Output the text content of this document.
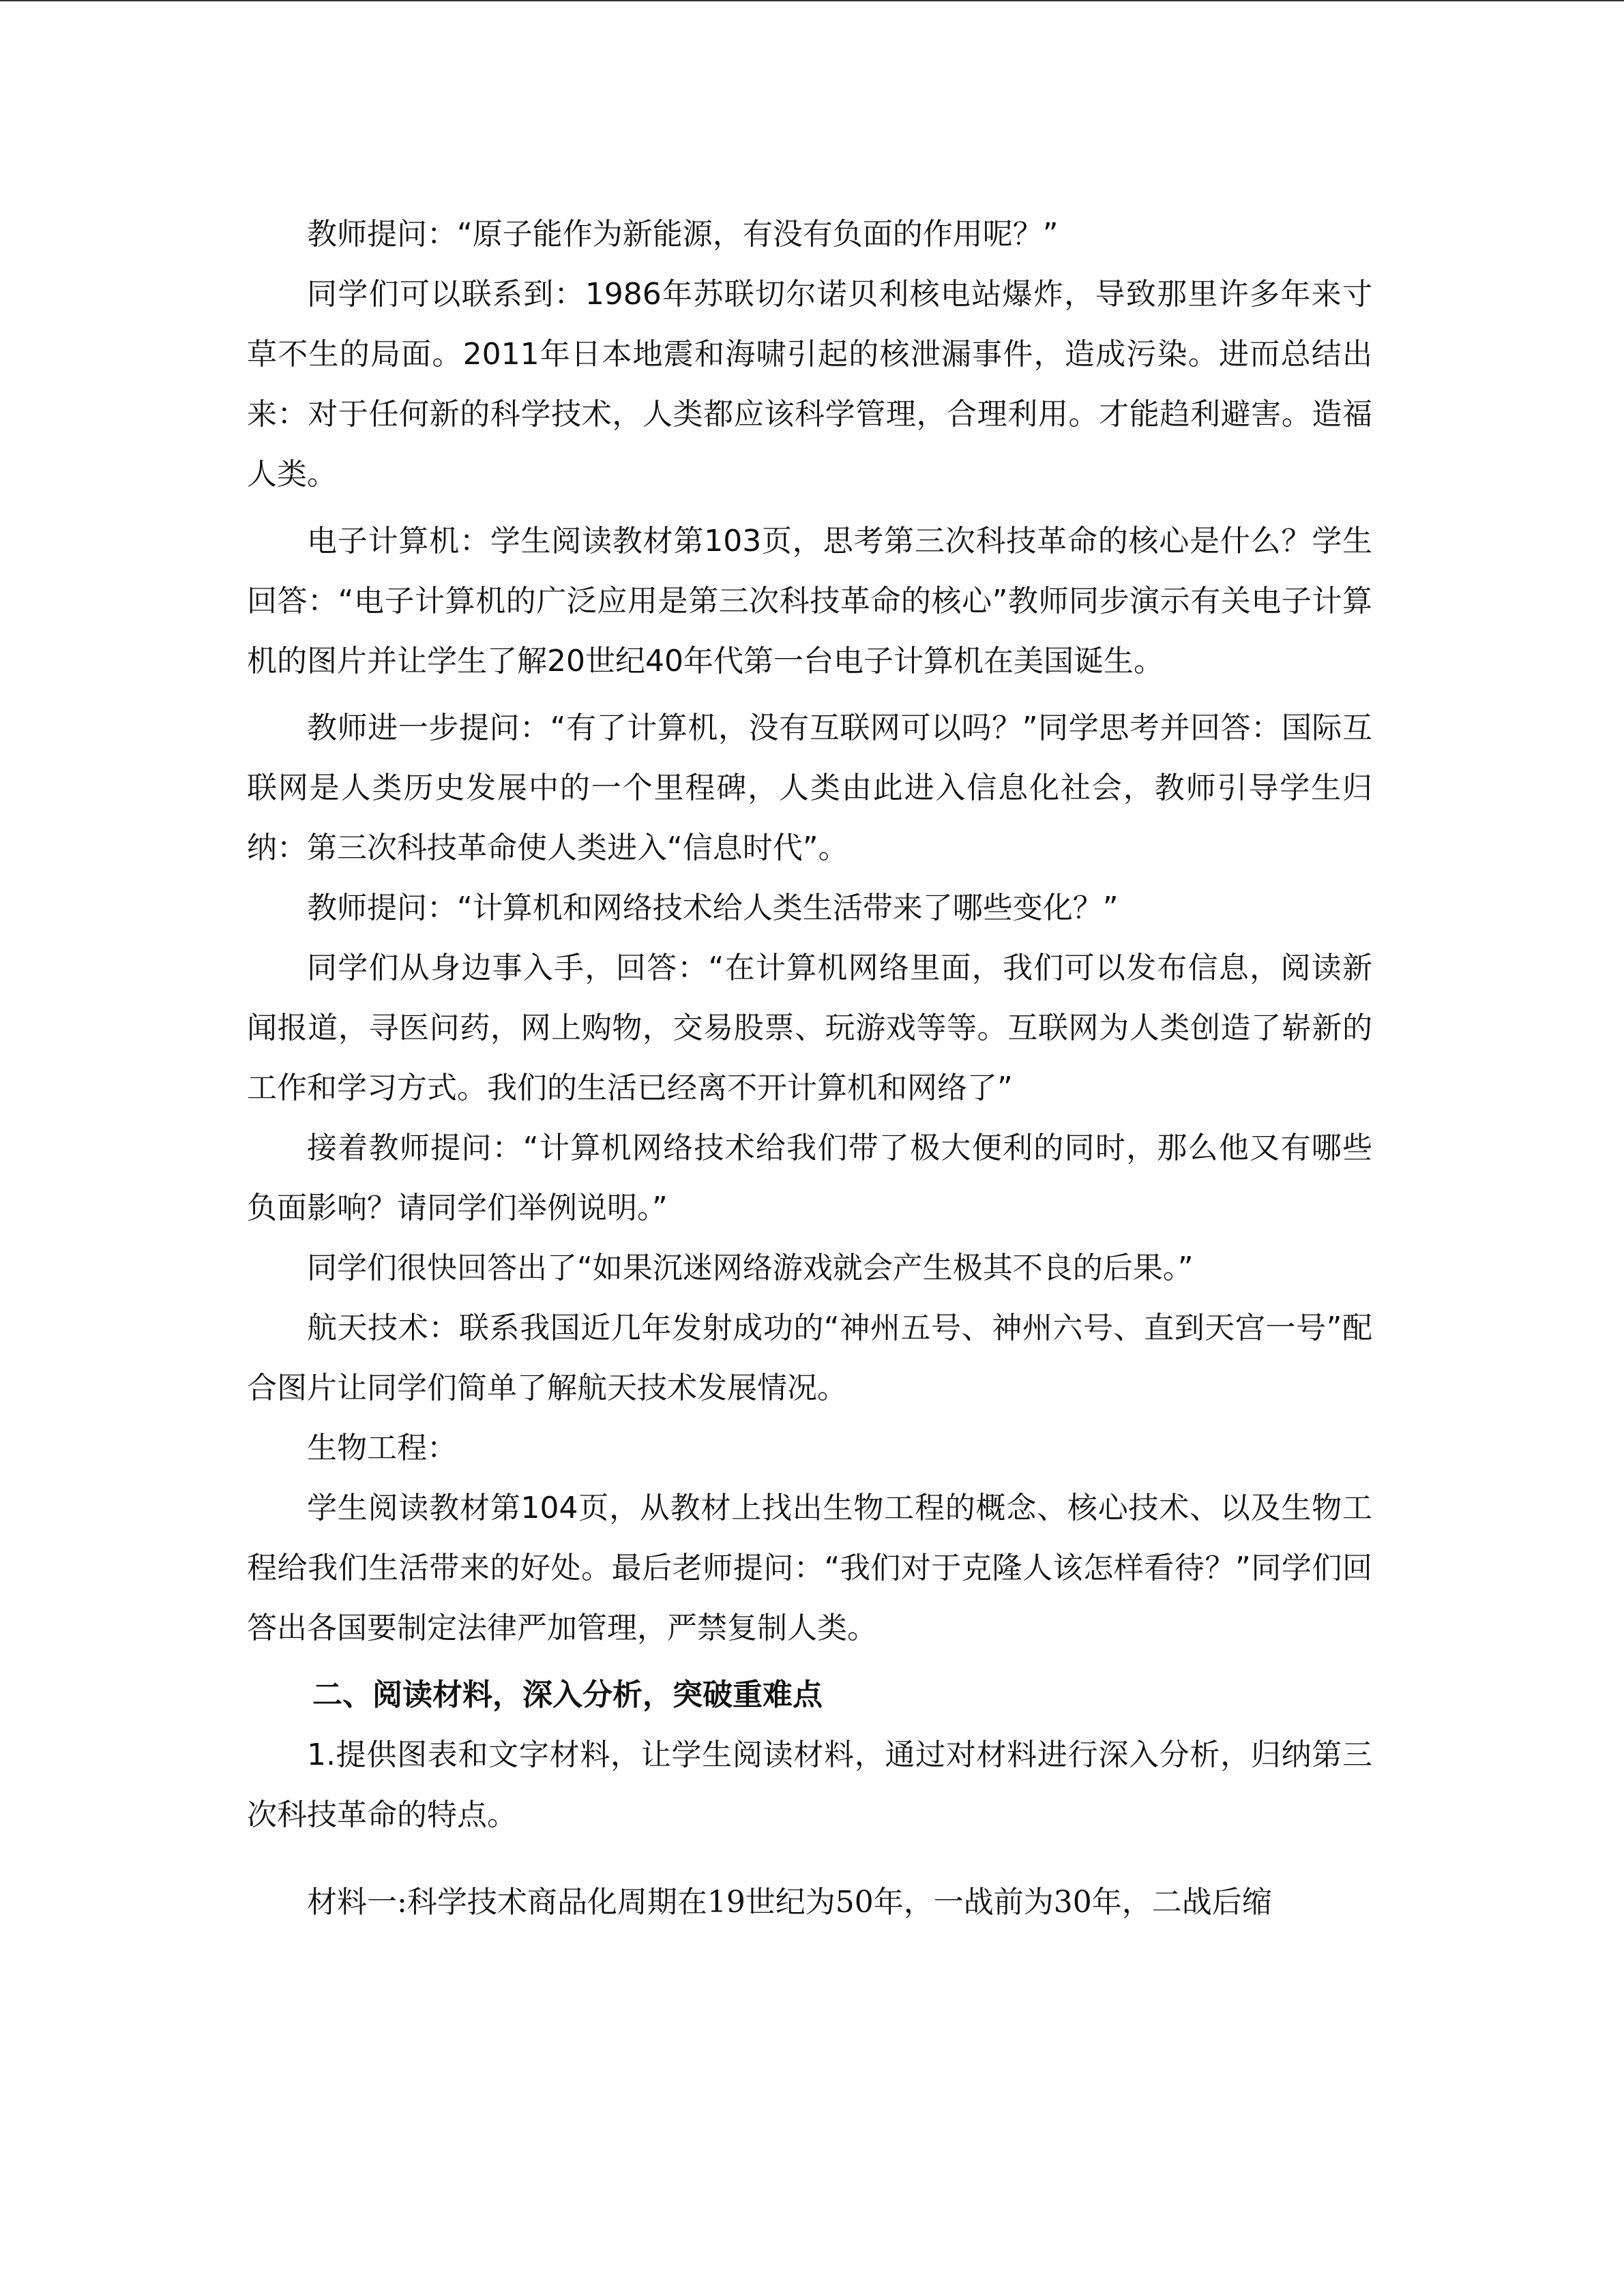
教师提问：“原子能作为新能源，有没有负面的作用呢？”

同学们可以联系到：1986年苏联切尔诺贝利核电站爆炸，导致那里许多年来寸草不生的局面。2011年日本地震和海啸引起的核泄漏事件，造成污染。进而总结出来：对于任何新的科学技术，人类都应该科学管理，合理利用。才能趋利避害。造福人类。

电子计算机：学生阅读教材第103页，思考第三次科技革命的核心是什么？学生回答：“电子计算机的广泛应用是第三次科技革命的核心”教师同步演示有关电子计算机的图片并让学生了解20世纪40年代第一台电子计算机在美国诞生。

教师进一步提问：“有了计算机，没有互联网可以吗？”同学思考并回答：国际互联网是人类历史发展中的一个里程碑，人类由此进入信息化社会，教师引导学生归纳：第三次科技革命使人类进入“信息时代”。

教师提问：“计算机和网络技术给人类生活带来了哪些变化？”

同学们从身边事入手，回答：“在计算机网络里面，我们可以发布信息，阅读新闻报道，寻医问药，网上购物，交易股票、玩游戏等等。互联网为人类创造了崭新的工作和学习方式。我们的生活已经离不开计算机和网络了”

接着教师提问：“计算机网络技术给我们带了极大便利的同时，那么他又有哪些负面影响？请同学们举例说明。”

同学们很快回答出了“如果沉迷网络游戏就会产生极其不良的后果。”

航天技术：联系我国近几年发射成功的“神州五号、神州六号、直到天宫一号”配合图片让同学们简单了解航天技术发展情况。

生物工程：

学生阅读教材第104页，从教材上找出生物工程的概念、核心技术、以及生物工程给我们生活带来的好处。最后老师提问：“我们对于克隆人该怎样看待？”同学们回答出各国要制定法律严加管理，严禁复制人类。

二、阅读材料，深入分析，突破重难点

1.提供图表和文字材料，让学生阅读材料，通过对材料进行深入分析，归纳第三次科技革命的特点。

材料一:科学技术商品化周期在19世纪为50年，一战前为30年，二战后缩
